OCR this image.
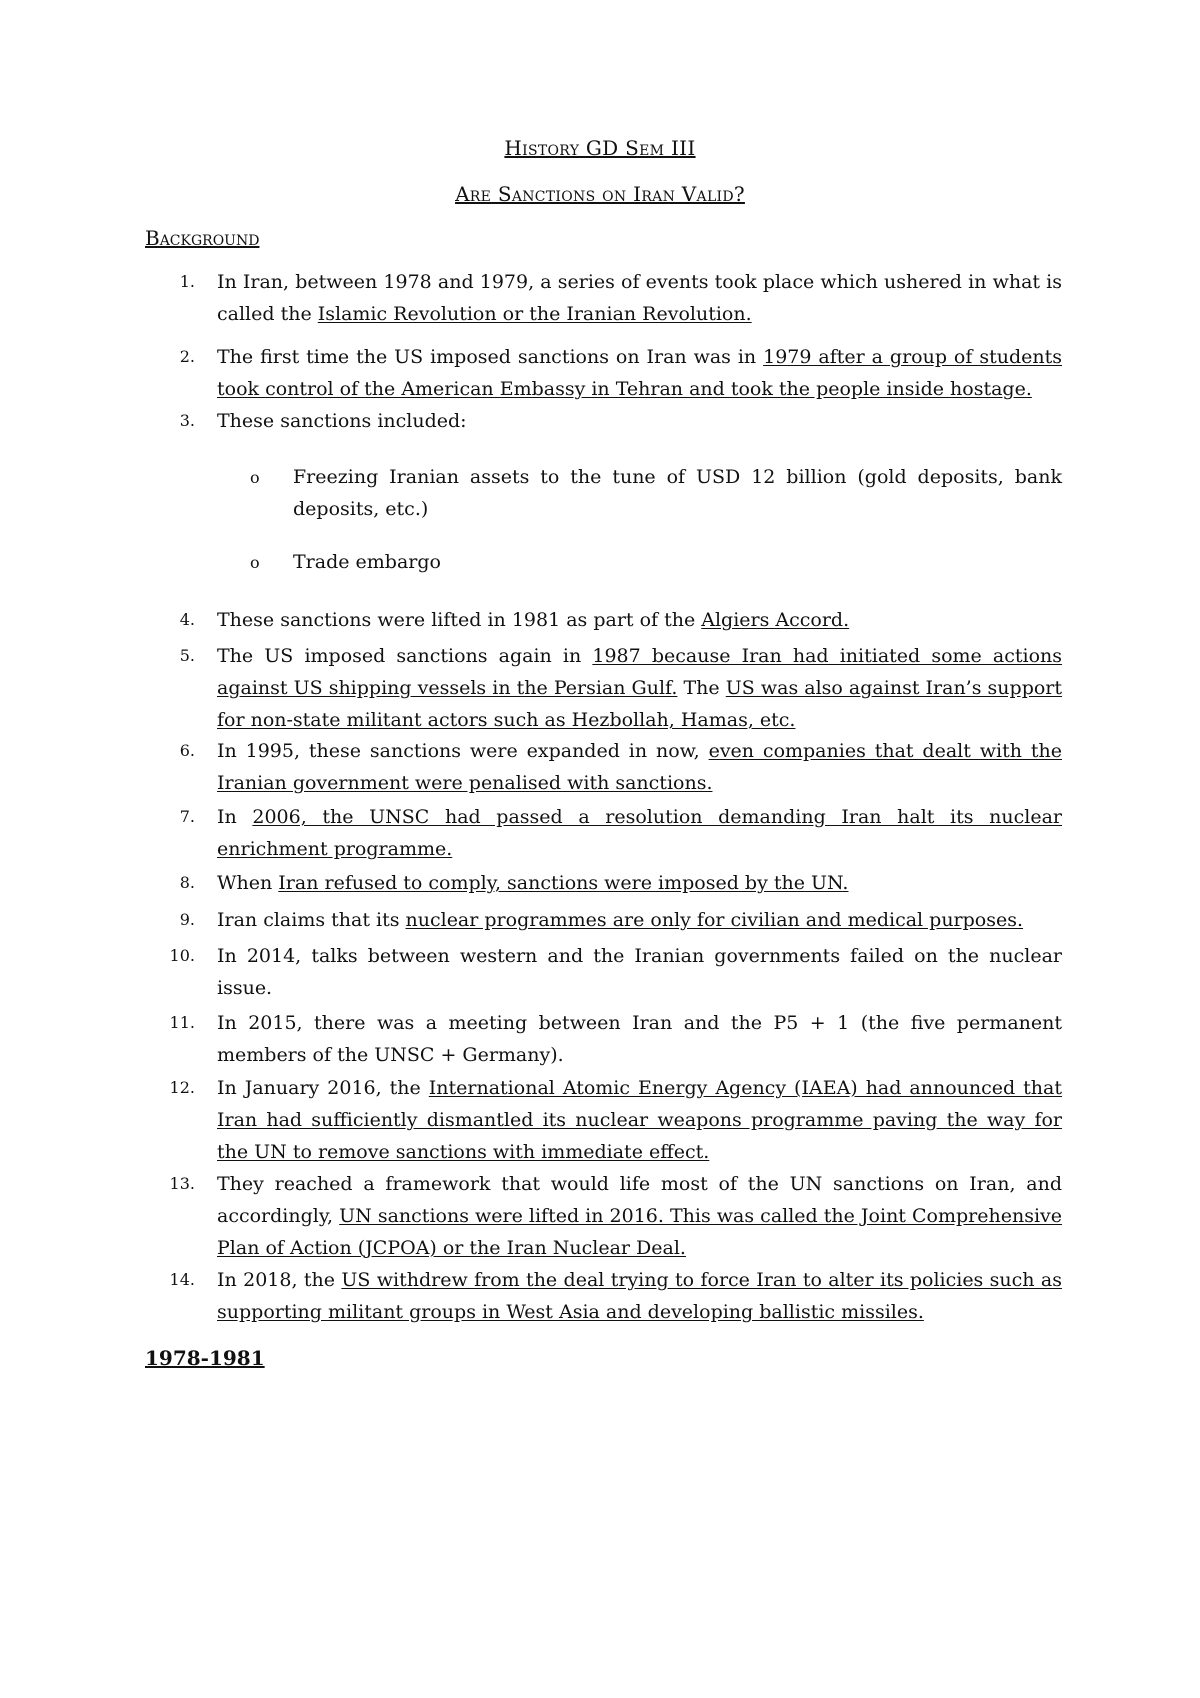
History GD Sem III
Are Sanctions on Iran Valid?
Background
1. In Iran, between 1978 and 1979, a series of events took place which ushered in what is called the Islamic Revolution or the Iranian Revolution.
2. The first time the US imposed sanctions on Iran was in 1979 after a group of students took control of the American Embassy in Tehran and took the people inside hostage.
3. These sanctions included:
o Freezing Iranian assets to the tune of USD 12 billion (gold deposits, bank deposits, etc.)
o Trade embargo
4. These sanctions were lifted in 1981 as part of the Algiers Accord.
5. The US imposed sanctions again in 1987 because Iran had initiated some actions against US shipping vessels in the Persian Gulf. The US was also against Iran’s support for non-state militant actors such as Hezbollah, Hamas, etc.
6. In 1995, these sanctions were expanded in now, even companies that dealt with the Iranian government were penalised with sanctions.
7. In 2006, the UNSC had passed a resolution demanding Iran halt its nuclear enrichment programme.
8. When Iran refused to comply, sanctions were imposed by the UN.
9. Iran claims that its nuclear programmes are only for civilian and medical purposes.
10. In 2014, talks between western and the Iranian governments failed on the nuclear issue.
11. In 2015, there was a meeting between Iran and the P5 + 1 (the five permanent members of the UNSC + Germany).
12. In January 2016, the International Atomic Energy Agency (IAEA) had announced that Iran had sufficiently dismantled its nuclear weapons programme paving the way for the UN to remove sanctions with immediate effect.
13. They reached a framework that would life most of the UN sanctions on Iran, and accordingly, UN sanctions were lifted in 2016. This was called the Joint Comprehensive Plan of Action (JCPOA) or the Iran Nuclear Deal.
14. In 2018, the US withdrew from the deal trying to force Iran to alter its policies such as supporting militant groups in West Asia and developing ballistic missiles.
1978-1981
